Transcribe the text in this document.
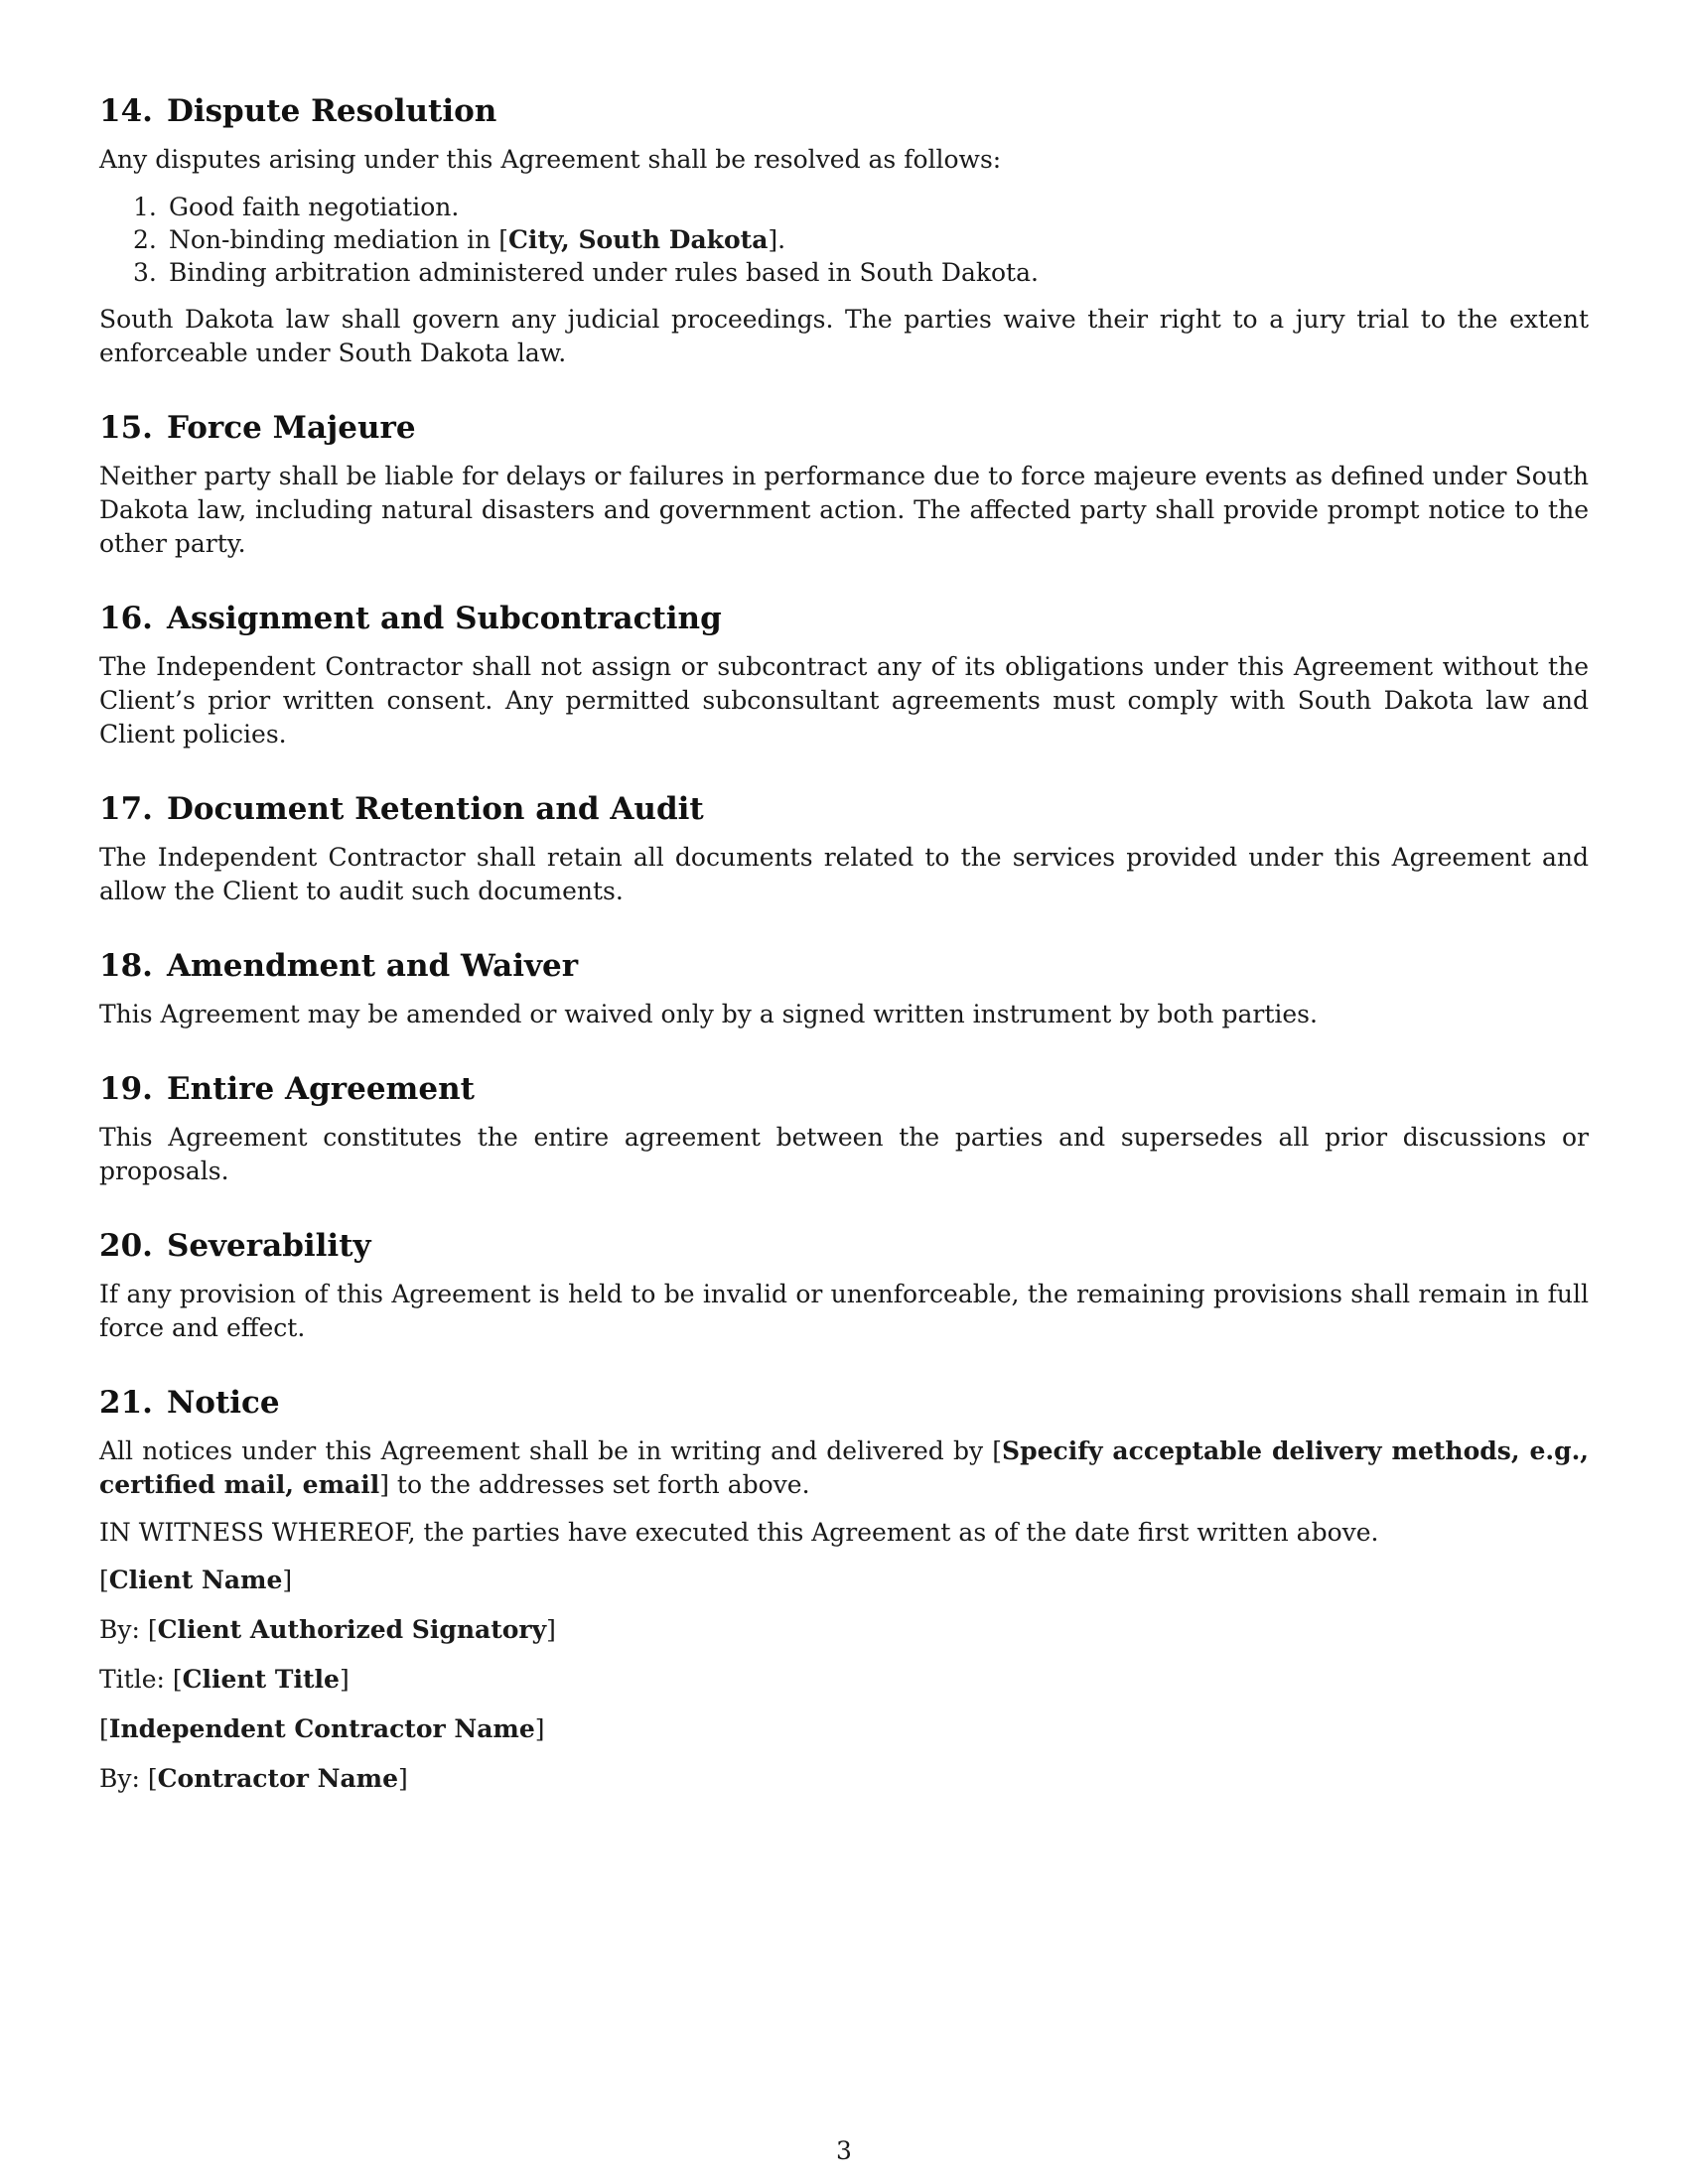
14. Dispute Resolution

Any disputes arising under this Agreement shall be resolved as follows:

1. Good faith negotiation.
2. Non-binding mediation in [City, South Dakota].
3. Binding arbitration administered under rules based in South Dakota.

South Dakota law shall govern any judicial proceedings. The parties waive their right to a jury trial to the extent enforceable under South Dakota law.

15. Force Majeure

Neither party shall be liable for delays or failures in performance due to force majeure events as defined under South Dakota law, including natural disasters and government action. The affected party shall provide prompt notice to the other party.

16. Assignment and Subcontracting

The Independent Contractor shall not assign or subcontract any of its obligations under this Agreement without the Client’s prior written consent. Any permitted subconsultant agreements must comply with South Dakota law and Client policies.

17. Document Retention and Audit

The Independent Contractor shall retain all documents related to the services provided under this Agreement and allow the Client to audit such documents.

18. Amendment and Waiver

This Agreement may be amended or waived only by a signed written instrument by both parties.

19. Entire Agreement

This Agreement constitutes the entire agreement between the parties and supersedes all prior discussions or proposals.

20. Severability

If any provision of this Agreement is held to be invalid or unenforceable, the remaining provisions shall remain in full force and effect.

21. Notice

All notices under this Agreement shall be in writing and delivered by [Specify acceptable delivery methods, e.g., certified mail, email] to the addresses set forth above.

IN WITNESS WHEREOF, the parties have executed this Agreement as of the date first written above.

[Client Name]
By: [Client Authorized Signatory]
Title: [Client Title]
[Independent Contractor Name]
By: [Contractor Name]
3
